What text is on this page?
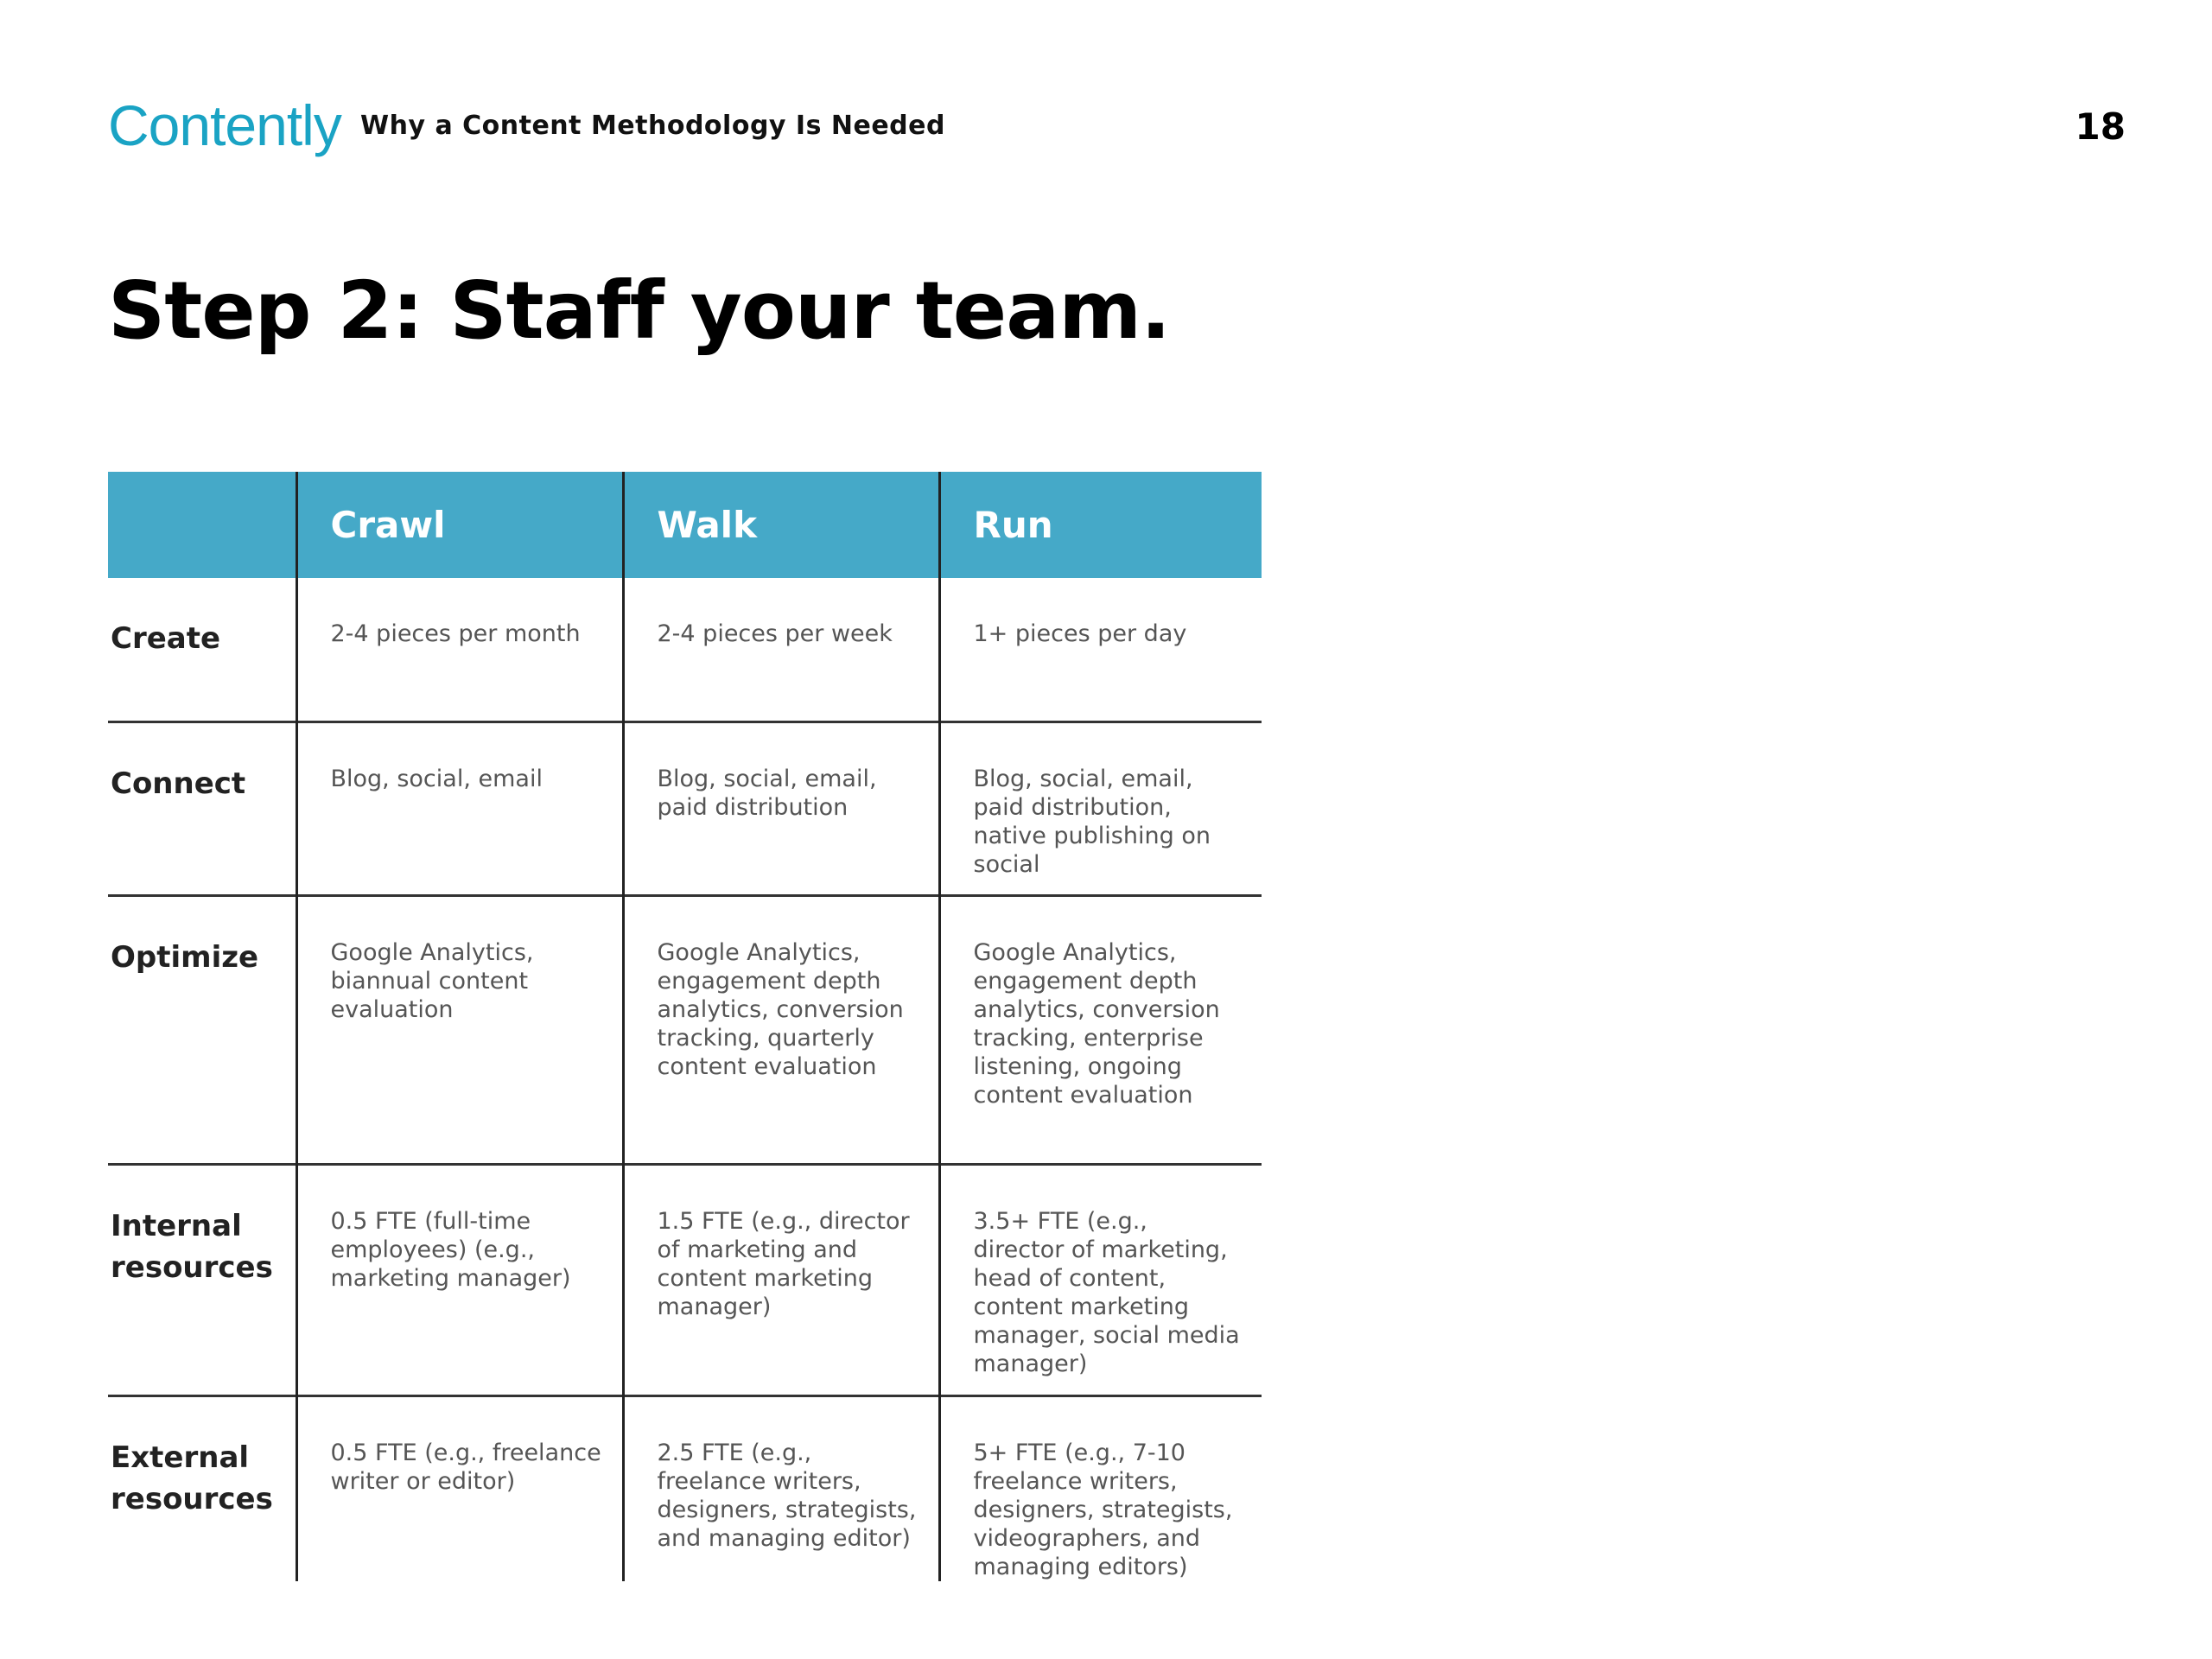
Contently Why a Content Methodology Is Needed	18
Step 2: Staff your team.
	Crawl	Walk	Run
Create	2-4 pieces per month	2-4 pieces per week	1+ pieces per day
Connect	Blog, social, email	Blog, social, email, paid distribution	Blog, social, email, paid distribution, native publishing on social
Optimize	Google Analytics, biannual content evaluation	Google Analytics, engagement depth analytics, conversion tracking, quarterly content evaluation	Google Analytics, engagement depth analytics, conversion tracking, enterprise listening, ongoing content evaluation
Internal resources	0.5 FTE (full-time employees) (e.g., marketing manager)	1.5 FTE (e.g., director of marketing and content marketing manager)	3.5+ FTE (e.g., director of marketing, head of content, content marketing manager, social media manager)
External resources	0.5 FTE (e.g., freelance writer or editor)	2.5 FTE (e.g., freelance writers, designers, strategists, and managing editor)	5+ FTE (e.g., 7-10 freelance writers, designers, strategists, videographers, and managing editors)
